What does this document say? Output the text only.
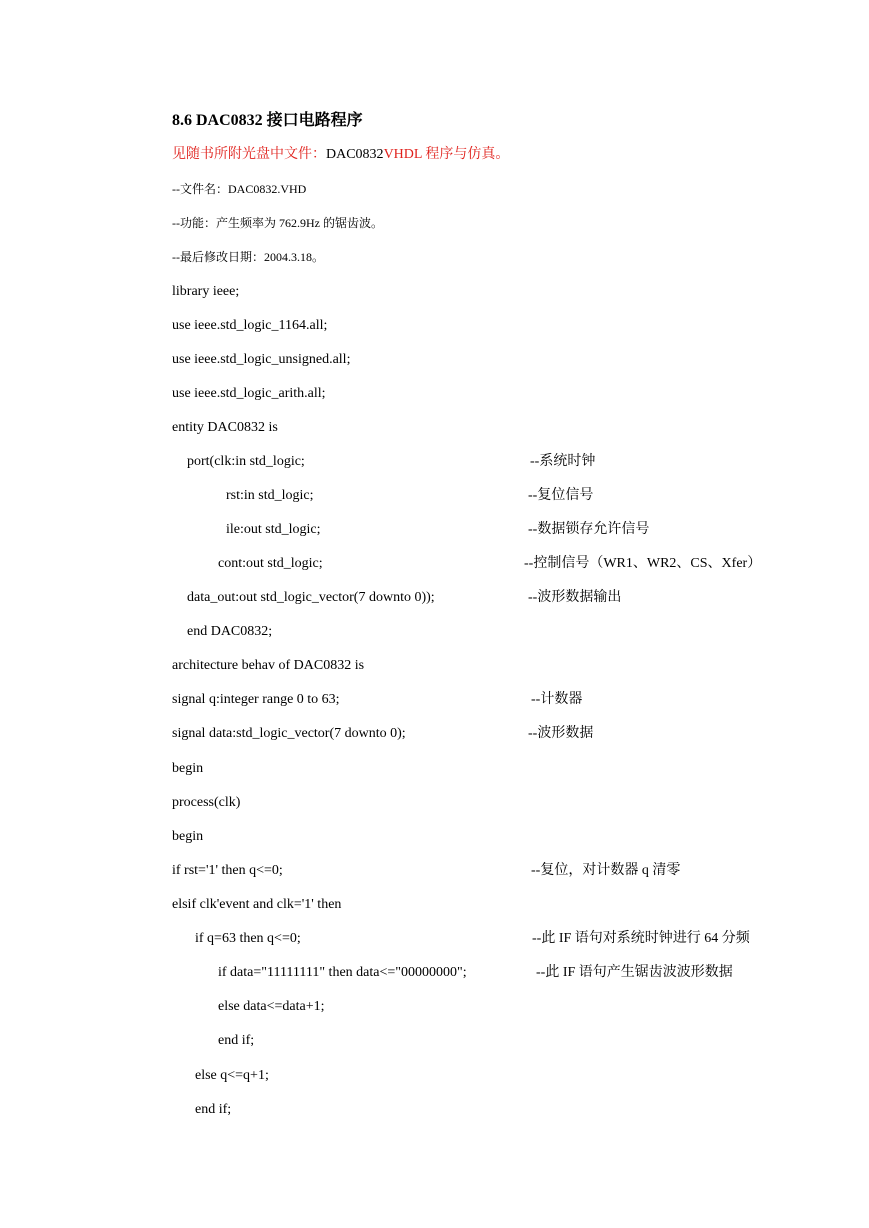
8.6 DAC0832 接口电路程序
见随书所附光盘中文件：DAC0832VHDL 程序与仿真。
--文件名：DAC0832.VHD
--功能：产生频率为 762.9Hz 的锯齿波。
--最后修改日期：2004.3.18。
library ieee;
use ieee.std_logic_1164.all;
use ieee.std_logic_unsigned.all;
use ieee.std_logic_arith.all;
entity DAC0832 is
port(clk:in std_logic;	--系统时钟
rst:in std_logic;	--复位信号
ile:out std_logic;	--数据锁存允许信号
cont:out std_logic;	--控制信号（WR1、WR2、CS、Xfer）
data_out:out std_logic_vector(7 downto 0));	--波形数据输出
end DAC0832;
architecture behav of DAC0832 is
signal q:integer range 0 to 63;	--计数器
signal data:std_logic_vector(7 downto 0);	--波形数据
begin
process(clk)
begin
if rst='1' then q<=0;	--复位，对计数器 q 清零
elsif clk'event and clk='1' then
if q=63 then q<=0;	--此 IF 语句对系统时钟进行 64 分频
if data="11111111" then data<="00000000";	--此 IF 语句产生锯齿波波形数据
else data<=data+1;
end if;
else q<=q+1;
end if;
